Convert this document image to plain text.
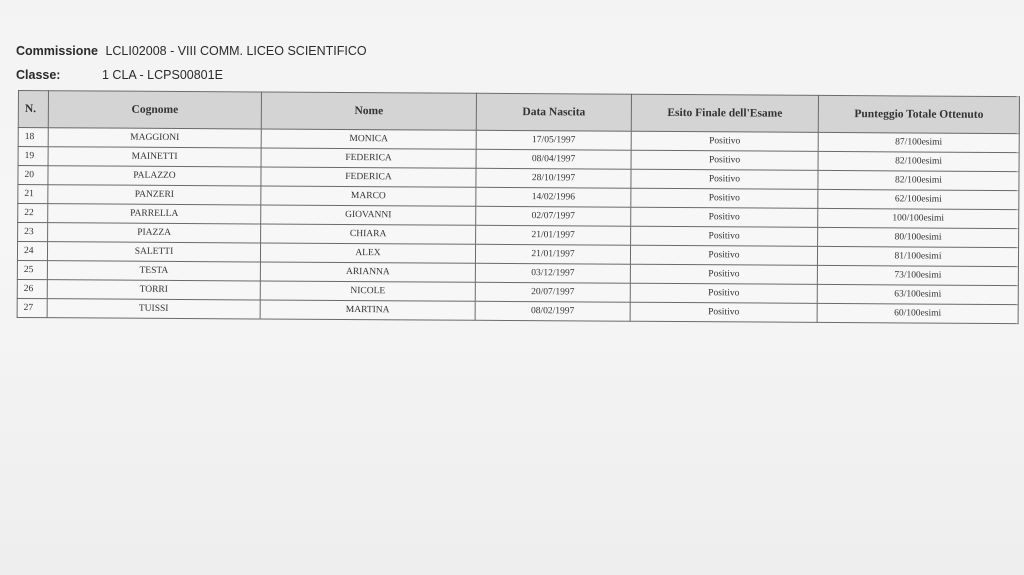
Commissione LCLI02008 - VIII COMM. LICEO SCIENTIFICO
Classe:	1 CLA - LCPS00801E
N.	Cognome	Nome	Data Nascita	Esito Finale dell'Esame	Punteggio Totale Ottenuto
18	MAGGIONI	MONICA	17/05/1997	Positivo	87/100esimi
19	MAINETTI	FEDERICA	08/04/1997	Positivo	82/100esimi
20	PALAZZO	FEDERICA	28/10/1997	Positivo	82/100esimi
21	PANZERI	MARCO	14/02/1996	Positivo	62/100esimi
22	PARRELLA	GIOVANNI	02/07/1997	Positivo	100/100esimi
23	PIAZZA	CHIARA	21/01/1997	Positivo	80/100esimi
24	SALETTI	ALEX	21/01/1997	Positivo	81/100esimi
25	TESTA	ARIANNA	03/12/1997	Positivo	73/100esimi
26	TORRI	NICOLE	20/07/1997	Positivo	63/100esimi
27	TUISSI	MARTINA	08/02/1997	Positivo	60/100esimi
